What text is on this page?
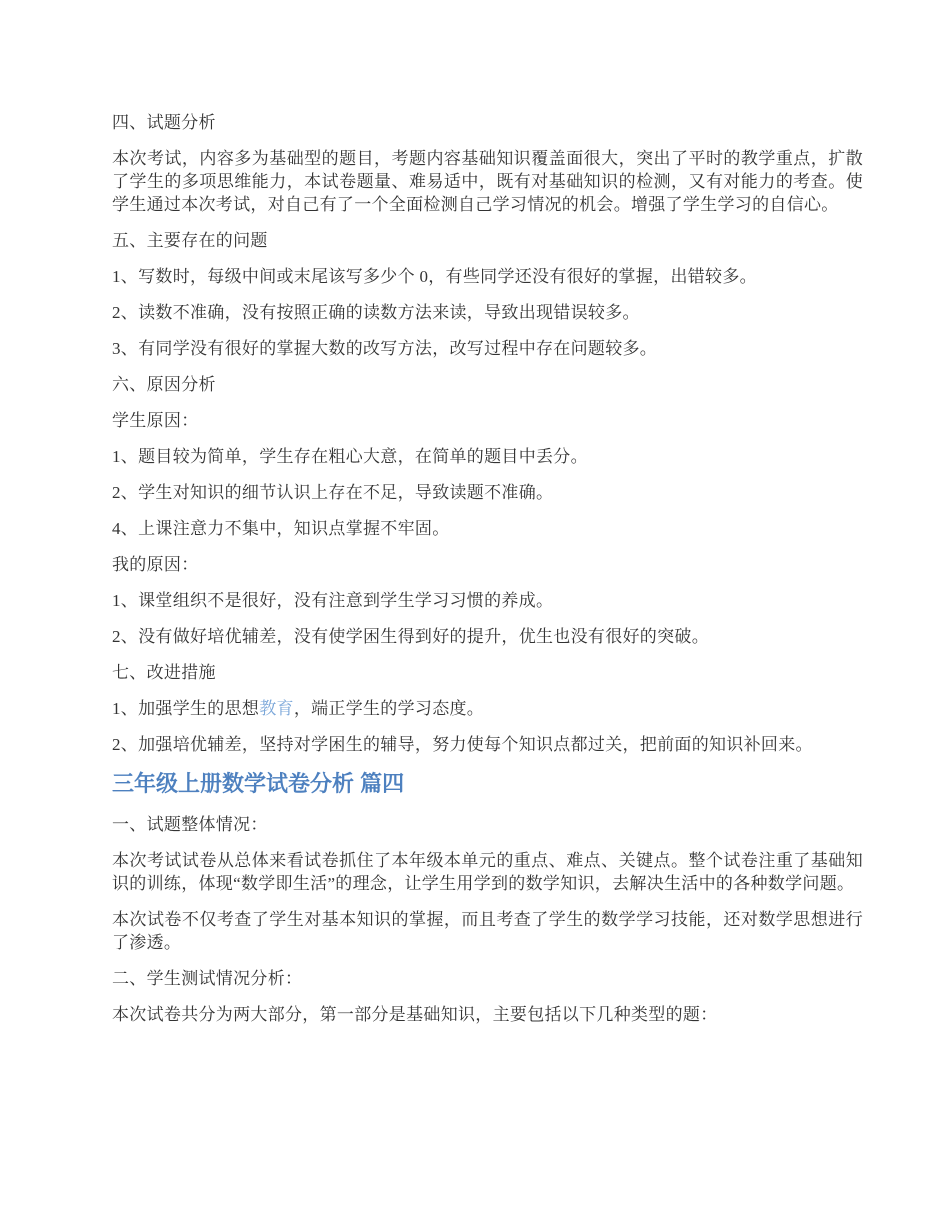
四、试题分析

本次考试，内容多为基础型的题目，考题内容基础知识覆盖面很大，突出了平时的教学重点，扩散了学生的多项思维能力，本试卷题量、难易适中，既有对基础知识的检测，又有对能力的考查。使学生通过本次考试，对自己有了一个全面检测自己学习情况的机会。增强了学生学习的自信心。

五、主要存在的问题

1、写数时，每级中间或末尾该写多少个 0，有些同学还没有很好的掌握，出错较多。

2、读数不准确，没有按照正确的读数方法来读，导致出现错误较多。

3、有同学没有很好的掌握大数的改写方法，改写过程中存在问题较多。

六、原因分析

学生原因：

1、题目较为简单，学生存在粗心大意，在简单的题目中丢分。

2、学生对知识的细节认识上存在不足，导致读题不准确。

4、上课注意力不集中，知识点掌握不牢固。

我的原因：

1、课堂组织不是很好，没有注意到学生学习习惯的养成。

2、没有做好培优辅差，没有使学困生得到好的提升，优生也没有很好的突破。

七、改进措施

1、加强学生的思想教育，端正学生的学习态度。

2、加强培优辅差，坚持对学困生的辅导，努力使每个知识点都过关，把前面的知识补回来。

三年级上册数学试卷分析 篇四

一、试题整体情况：

本次考试试卷从总体来看试卷抓住了本年级本单元的重点、难点、关键点。整个试卷注重了基础知识的训练，体现“数学即生活”的理念，让学生用学到的数学知识，去解决生活中的各种数学问题。

本次试卷不仅考查了学生对基本知识的掌握，而且考查了学生的数学学习技能，还对数学思想进行了渗透。

二、学生测试情况分析：

本次试卷共分为两大部分，第一部分是基础知识，主要包括以下几种类型的题：
